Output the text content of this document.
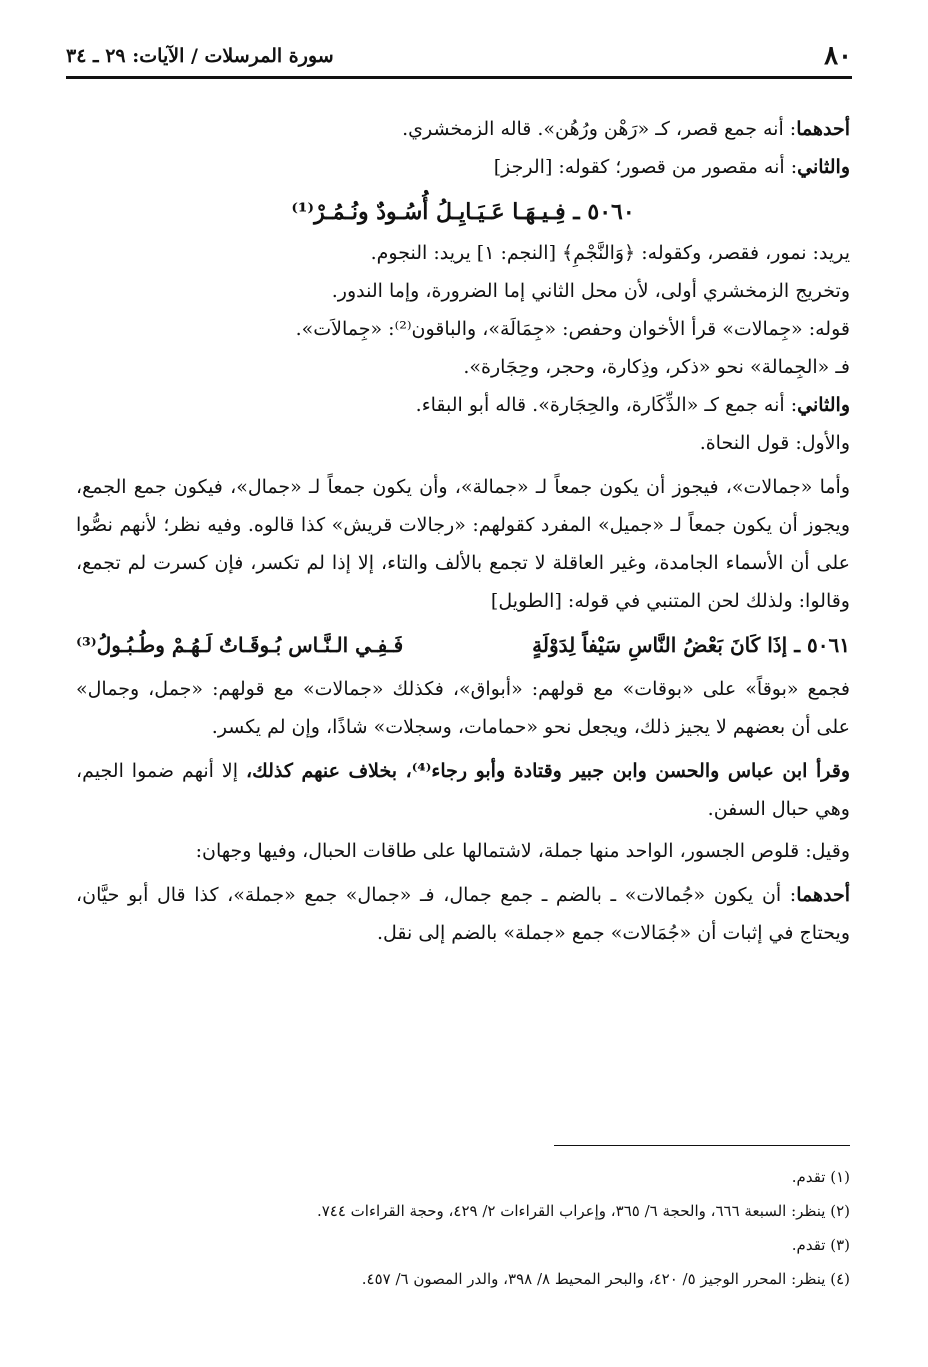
٨٠
سورة المرسلات / الآيات: ٢٩ ـ ٣٤

أحدهما: أنه جمع قصر، كـ «رَهْن ورُهُن». قاله الزمخشري.

والثاني: أنه مقصور من قصور؛ كقوله: [الرجز]

٥٠٦٠ ـ فِـيـهَـا عَـيَـايِـلُ أُسُـودٌ ونُـمُـرْ⁽¹⁾

يريد: نمور، فقصر، وكقوله: ﴿وَالنَّجْمِ﴾ [النجم: ١] يريد: النجوم.

وتخريج الزمخشري أولى، لأن محل الثاني إما الضرورة، وإما الندور.

قوله: «جِمالات» قرأ الأخوان وحفص: «جِمَالَة»، والباقون⁽²⁾: «جِمالاَت».

فـ «الجِمالة» نحو «ذكر، وذِكارة، وحجر، وحِجَارة».

والثاني: أنه جمع كـ «الذِّكَارة، والحِجَارة». قاله أبو البقاء.

والأول: قول النحاة.

وأما «جمالات»، فيجوز أن يكون جمعاً لـ «جمالة»، وأن يكون جمعاً لـ «جمال»، فيكون جمع الجمع، ويجوز أن يكون جمعاً لـ «جميل» المفرد كقولهم: «رجالات قريش» كذا قالوه. وفيه نظر؛ لأنهم نصُّوا على أن الأسماء الجامدة، وغير العاقلة لا تجمع بالألف والتاء، إلا إذا لم تكسر، فإن كسرت لم تجمع، وقالوا: ولذلك لحن المتنبي في قوله: [الطويل]

٥٠٦١ ـ إذَا كَانَ بَعْضُ النَّاسِ سَيْفاً لِدَوْلَةٍ
فَـفِـي الـنَّـاس بُـوقَـاتٌ لَـهُـمْ وطُـبُـولُ⁽³⁾

فجمع «بوقاً» على «بوقات» مع قولهم: «أبواق»، فكذلك «جمالات» مع قولهم: «جمل، وجمال» على أن بعضهم لا يجيز ذلك، ويجعل نحو «حمامات، وسجلات» شاذًا، وإن لم يكسر.

وقرأ ابن عباس والحسن وابن جبير وقتادة وأبو رجاء⁽⁴⁾، بخلاف عنهم كذلك، إلا أنهم ضموا الجيم، وهي حبال السفن.

وقيل: قلوص الجسور، الواحد منها جملة، لاشتمالها على طاقات الحبال، وفيها وجهان:

أحدهما: أن يكون «جُمالات» ـ بالضم ـ جمع جمال، فـ «جمال» جمع «جملة»، كذا قال أبو حيَّان، ويحتاج في إثبات أن «جُمَالات» جمع «جملة» بالضم إلى نقل.

(١) تقدم.
(٢) ينظر: السبعة ٦٦٦، والحجة ٦/ ٣٦٥، وإعراب القراءات ٢/ ٤٢٩، وحجة القراءات ٧٤٤.
(٣) تقدم.
(٤) ينظر: المحرر الوجيز ٥/ ٤٢٠، والبحر المحيط ٨/ ٣٩٨، والدر المصون ٦/ ٤٥٧.
